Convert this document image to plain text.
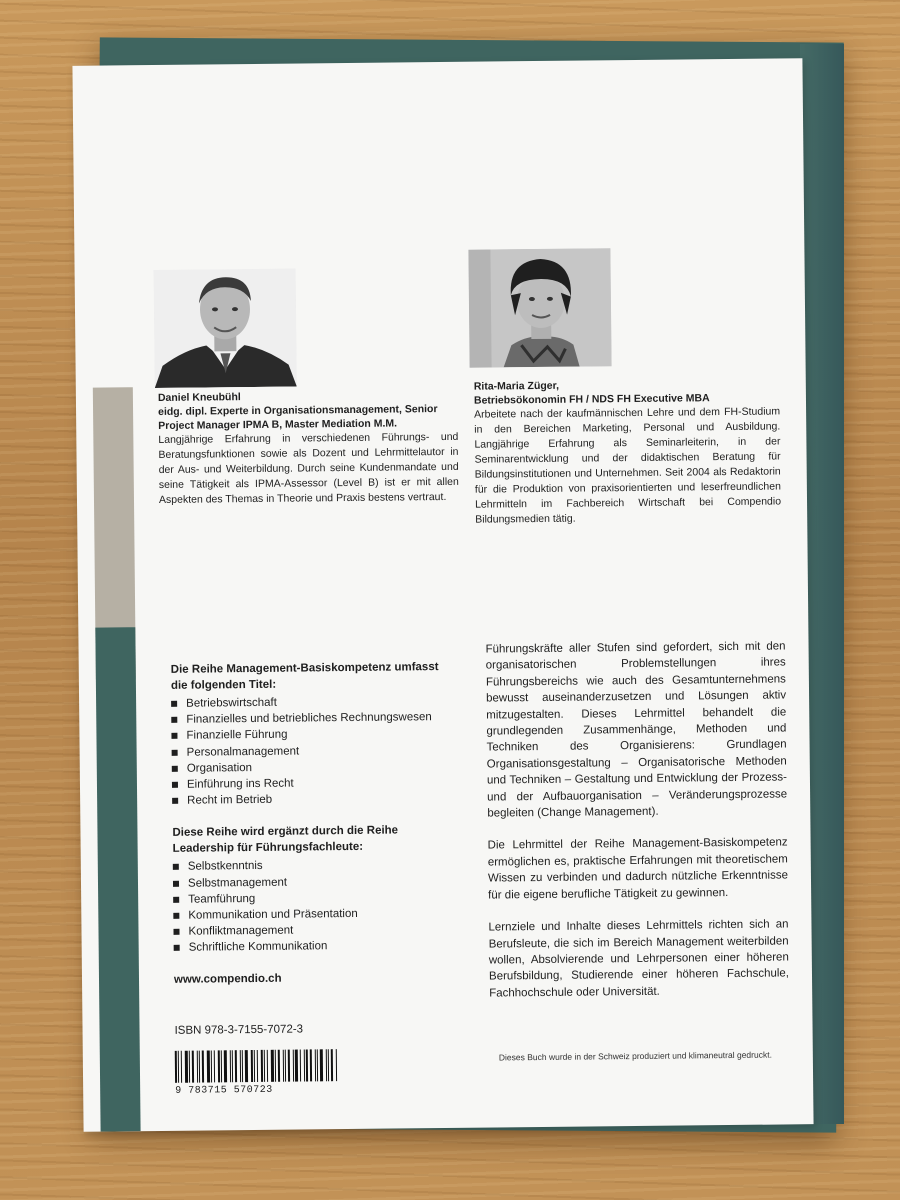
Daniel Kneubühl
eidg. dipl. Experte in Organisationsmanagement, Senior Project Manager IPMA B, Master Mediation M.M.
Langjährige Erfahrung in verschiedenen Führungs- und Beratungsfunktionen sowie als Dozent und Lehrmittelautor in der Aus- und Weiterbildung. Durch seine Kundenmandate und seine Tätigkeit als IPMA-Assessor (Level B) ist er mit allen Aspekten des Themas in Theorie und Praxis bestens vertraut.
Rita-Maria Züger,
Betriebsökonomin FH / NDS FH Executive MBA
Arbeitete nach der kaufmännischen Lehre und dem FH-Studium in den Bereichen Marketing, Personal und Ausbildung. Langjährige Erfahrung als Seminarleiterin, in der Seminarentwicklung und der didaktischen Beratung für Bildungsinstitutionen und Unternehmen. Seit 2004 als Redaktorin für die Produktion von praxisorientierten und leserfreundlichen Lehrmitteln im Fachbereich Wirtschaft bei Compendio Bildungsmedien tätig.
Die Reihe Management-Basiskompetenz umfasst die folgenden Titel:
Betriebswirtschaft
Finanzielles und betriebliches Rechnungswesen
Finanzielle Führung
Personalmanagement
Organisation
Einführung ins Recht
Recht im Betrieb
Diese Reihe wird ergänzt durch die Reihe Leadership für Führungsfachleute:
Selbstkenntnis
Selbstmanagement
Teamführung
Kommunikation und Präsentation
Konfliktmanagement
Schriftliche Kommunikation
www.compendio.ch
ISBN 978-3-7155-7072-3
9 783715 570723

Führungskräfte aller Stufen sind gefordert, sich mit den organisatorischen Problemstellungen ihres Führungsbereichs wie auch des Gesamtunternehmens bewusst auseinanderzusetzen und Lösungen aktiv mitzugestalten. Dieses Lehrmittel behandelt die grundlegenden Zusammenhänge, Methoden und Techniken des Organisierens: Grundlagen Organisationsgestaltung – Organisatorische Methoden und Techniken – Gestaltung und Entwicklung der Prozess- und der Aufbauorganisation – Veränderungsprozesse begleiten (Change Management).

Die Lehrmittel der Reihe Management-Basiskompetenz ermöglichen es, praktische Erfahrungen mit theoretischem Wissen zu verbinden und dadurch nützliche Erkenntnisse für die eigene berufliche Tätigkeit zu gewinnen.

Lernziele und Inhalte dieses Lehrmittels richten sich an Berufsleute, die sich im Bereich Management weiterbilden wollen, Absolvierende und Lehrpersonen einer höheren Berufsbildung, Studierende einer höheren Fachschule, Fachhochschule oder Universität.

Dieses Buch wurde in der Schweiz produziert und klimaneutral gedruckt.
